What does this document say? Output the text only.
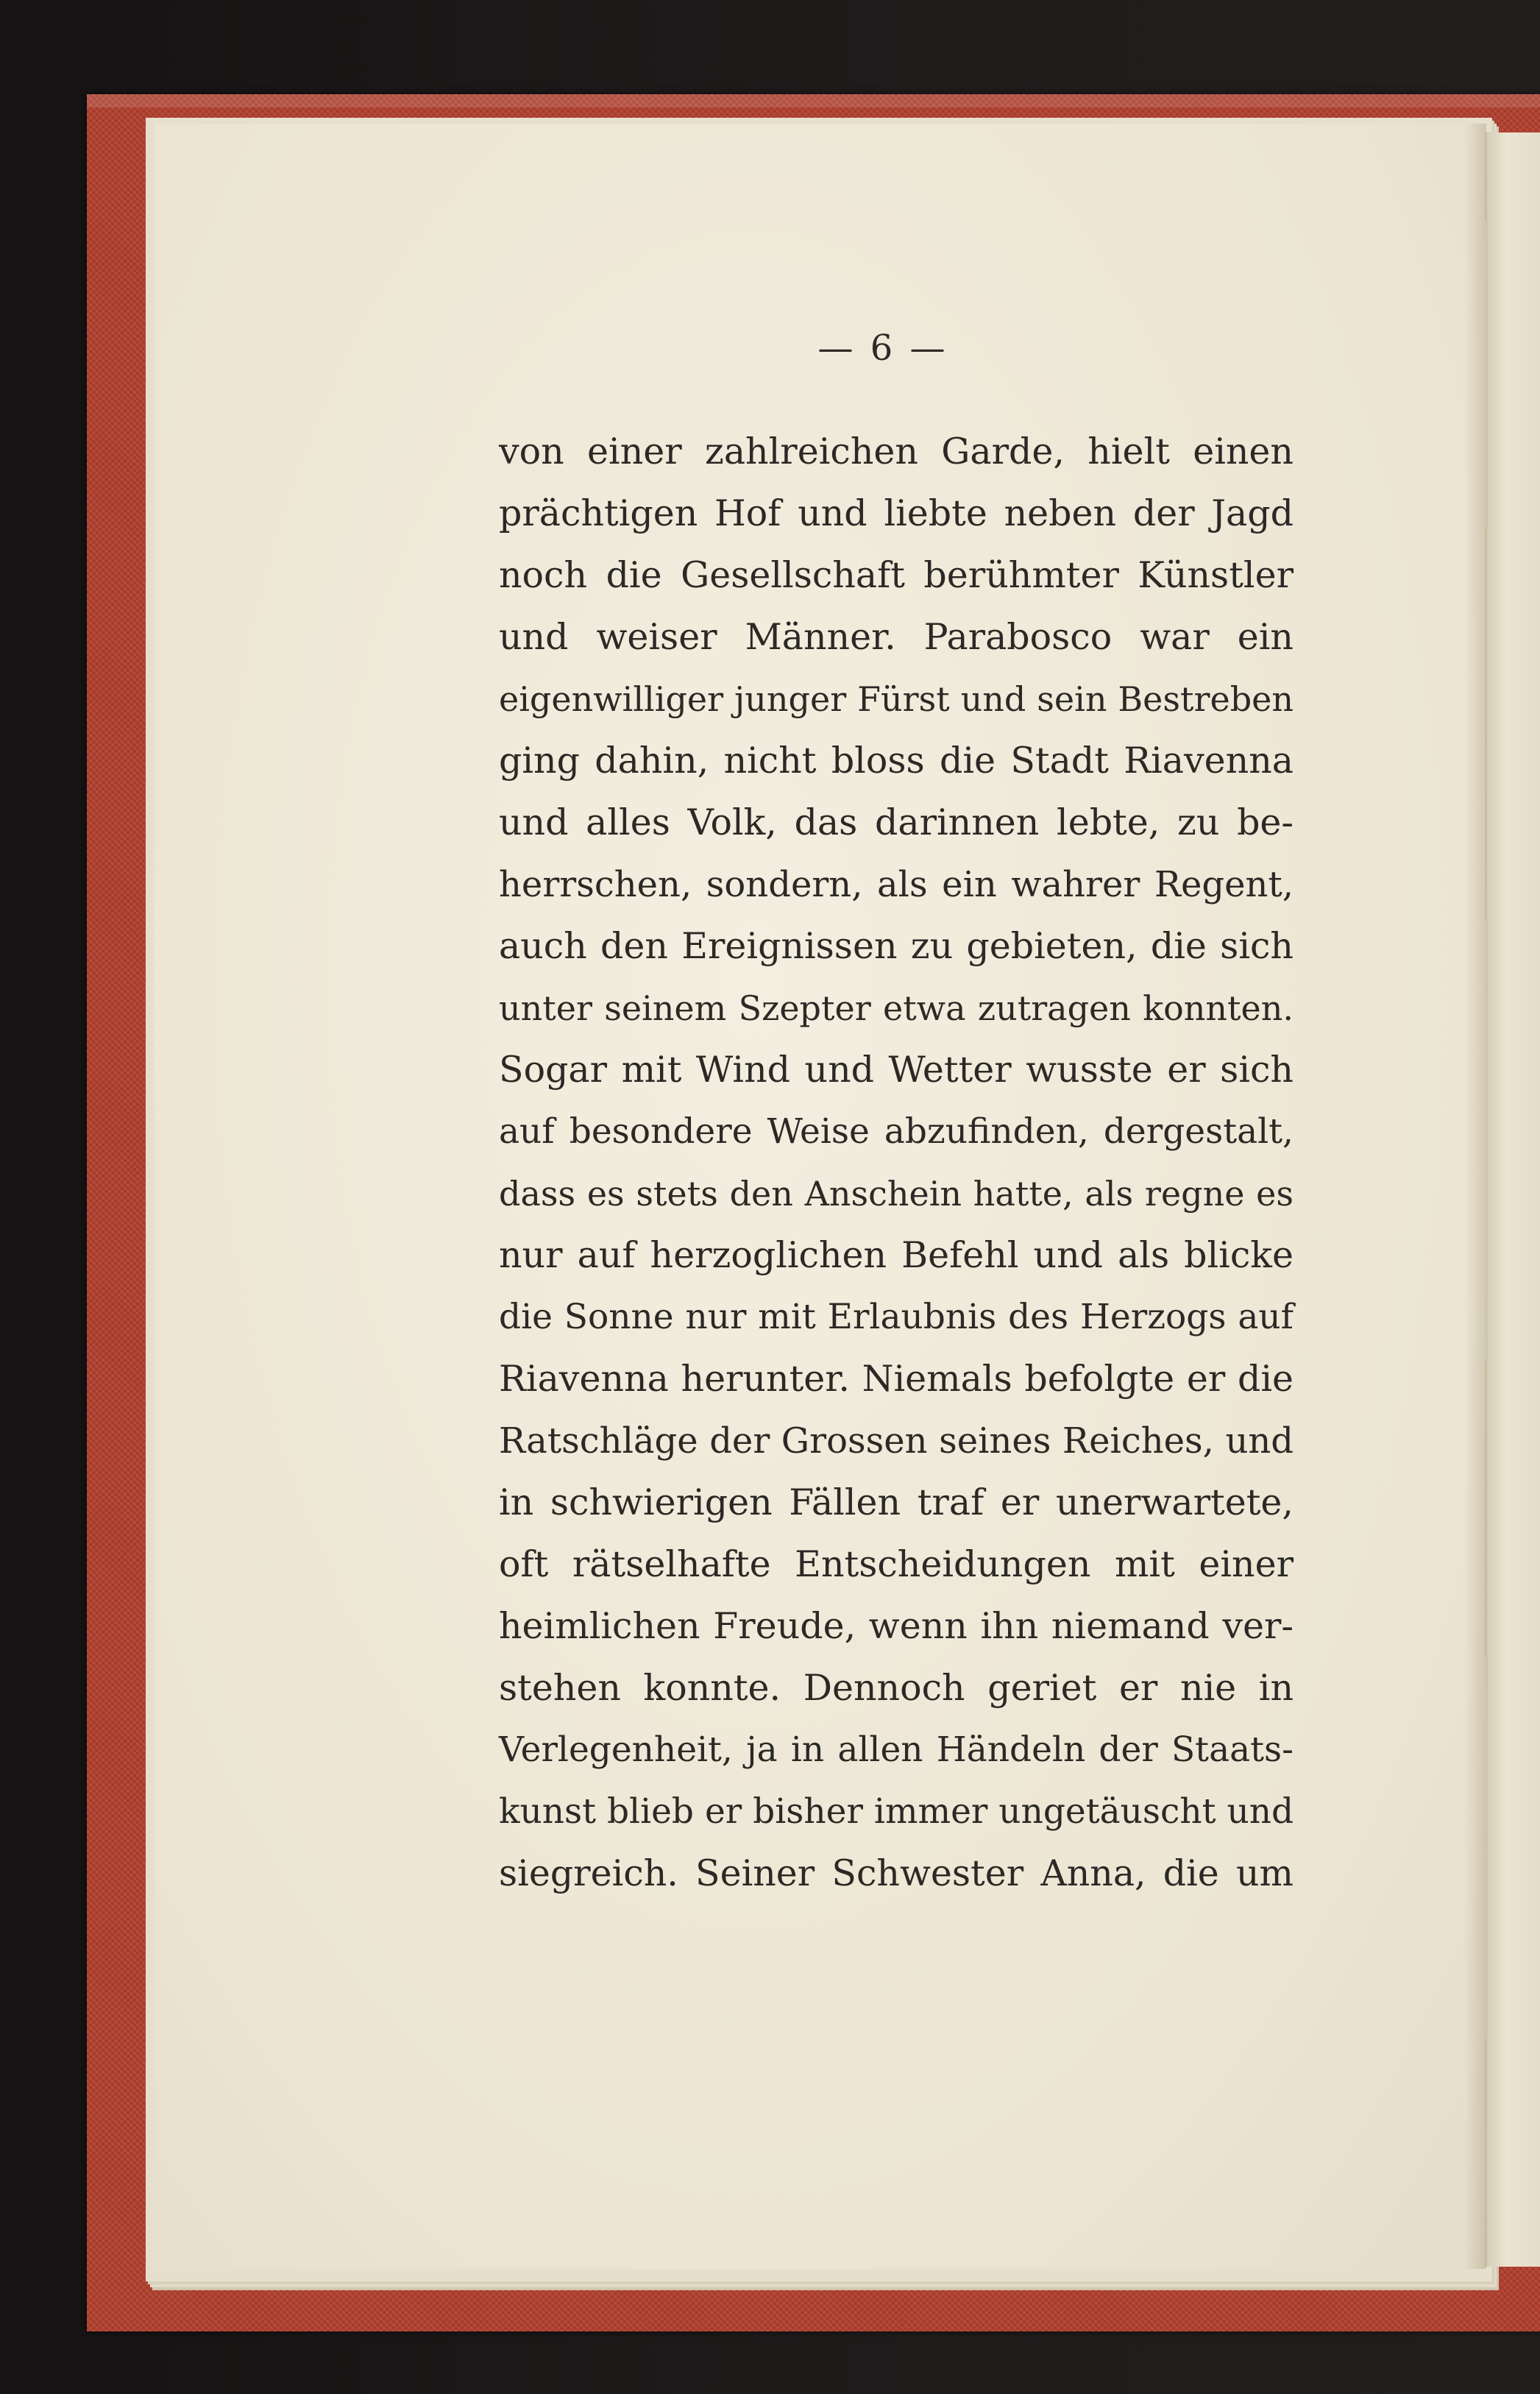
— 6 —
von einer zahlreichen Garde, hielt einen
prächtigen Hof und liebte neben der Jagd
noch die Gesellschaft berühmter Künstler
und weiser Männer. Parabosco war ein
eigenwilliger junger Fürst und sein Bestreben
ging dahin, nicht bloss die Stadt Riavenna
und alles Volk, das darinnen lebte, zu be-
herrschen, sondern, als ein wahrer Regent,
auch den Ereignissen zu gebieten, die sich
unter seinem Szepter etwa zutragen konnten.
Sogar mit Wind und Wetter wusste er sich
auf besondere Weise abzufinden, dergestalt,
dass es stets den Anschein hatte, als regne es
nur auf herzoglichen Befehl und als blicke
die Sonne nur mit Erlaubnis des Herzogs auf
Riavenna herunter. Niemals befolgte er die
Ratschläge der Grossen seines Reiches, und
in schwierigen Fällen traf er unerwartete,
oft rätselhafte Entscheidungen mit einer
heimlichen Freude, wenn ihn niemand ver-
stehen konnte. Dennoch geriet er nie in
Verlegenheit, ja in allen Händeln der Staats-
kunst blieb er bisher immer ungetäuscht und
siegreich. Seiner Schwester Anna, die um
